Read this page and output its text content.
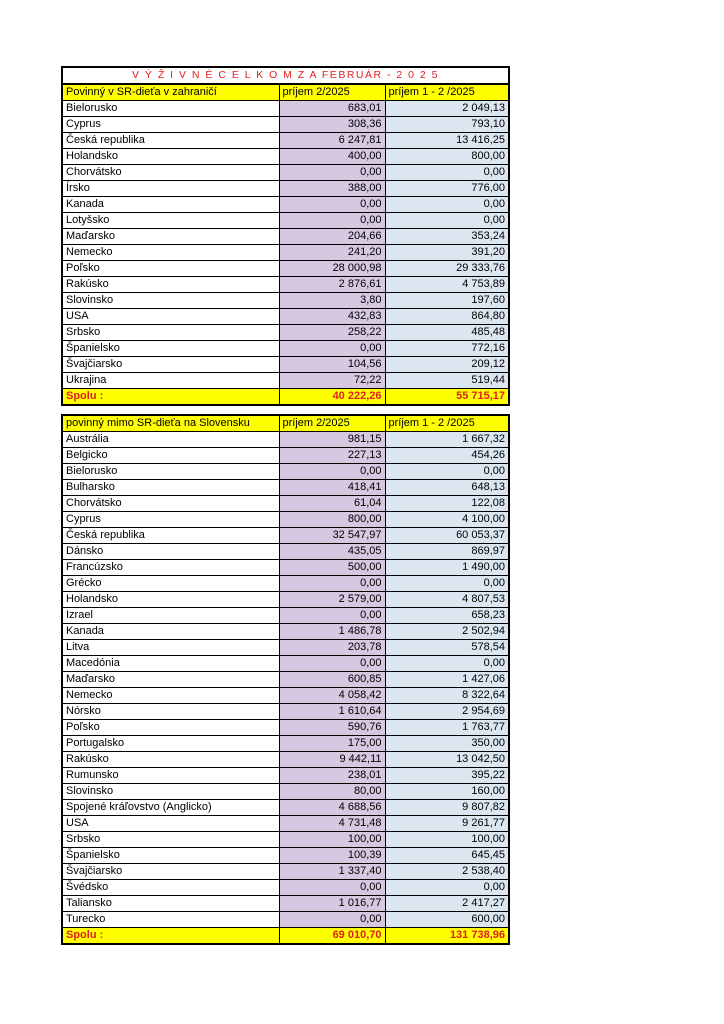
V Ý Ž I V N É C E L K O M Z A FEBRUÁR - 2 0 2 5		
Povinný v SR-dieťa v zahraničí	príjem 2/2025	príjem 1 - 2 /2025
Bielorusko	683,01	2 049,13
Cyprus	308,36	793,10
Česká republika	6 247,81	13 416,25
Holandsko	400,00	800,00
Chorvátsko	0,00	0,00
Írsko	388,00	776,00
Kanada	0,00	0,00
Lotyšsko	0,00	0,00
Maďarsko	204,66	353,24
Nemecko	241,20	391,20
Poľsko	28 000,98	29 333,76
Rakúsko	2 876,61	4 753,89
Slovinsko	3,80	197,60
USA	432,83	864,80
Srbsko	258,22	485,48
Španielsko	0,00	772,16
Švajčiarsko	104,56	209,12
Ukrajina	72,22	519,44
Spolu :	40 222,26	55 715,17
povinný mimo SR-dieťa na Slovensku	príjem 2/2025	príjem 1 - 2 /2025
Austrália	981,15	1 667,32
Belgicko	227,13	454,26
Bielorusko	0,00	0,00
Bulharsko	418,41	648,13
Chorvátsko	61,04	122,08
Cyprus	800,00	4 100,00
Česká republika	32 547,97	60 053,37
Dánsko	435,05	869,97
Francúzsko	500,00	1 490,00
Grécko	0,00	0,00
Holandsko	2 579,00	4 807,53
Izrael	0,00	658,23
Kanada	1 486,78	2 502,94
Litva	203,78	578,54
Macedónia	0,00	0,00
Maďarsko	600,85	1 427,06
Nemecko	4 058,42	8 322,64
Nórsko	1 610,64	2 954,69
Poľsko	590,76	1 763,77
Portugalsko	175,00	350,00
Rakúsko	9 442,11	13 042,50
Rumunsko	238,01	395,22
Slovinsko	80,00	160,00
Spojené kráľovstvo (Anglicko)	4 688,56	9 807,82
USA	4 731,48	9 261,77
Srbsko	100,00	100,00
Španielsko	100,39	645,45
Švajčiarsko	1 337,40	2 538,40
Švédsko	0,00	0,00
Taliansko	1 016,77	2 417,27
Turecko	0,00	600,00
Spolu :	69 010,70	131 738,96
